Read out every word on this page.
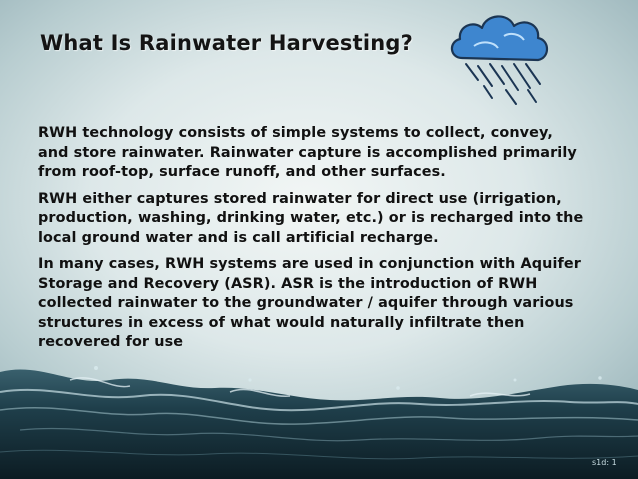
What Is Rainwater Harvesting?

RWH technology consists of simple systems to collect, convey, and store rainwater. Rainwater capture is accomplished primarily from roof-top, surface runoff, and other surfaces.

RWH either captures stored rainwater for direct use (irrigation, production, washing, drinking water, etc.) or is recharged into the local ground water and is call artificial recharge.

In many cases, RWH systems are used in conjunction with Aquifer Storage and Recovery (ASR). ASR is the introduction of RWH collected rainwater to the groundwater / aquifer through various structures in excess of what would naturally infiltrate then recovered for use

s1d: 1
